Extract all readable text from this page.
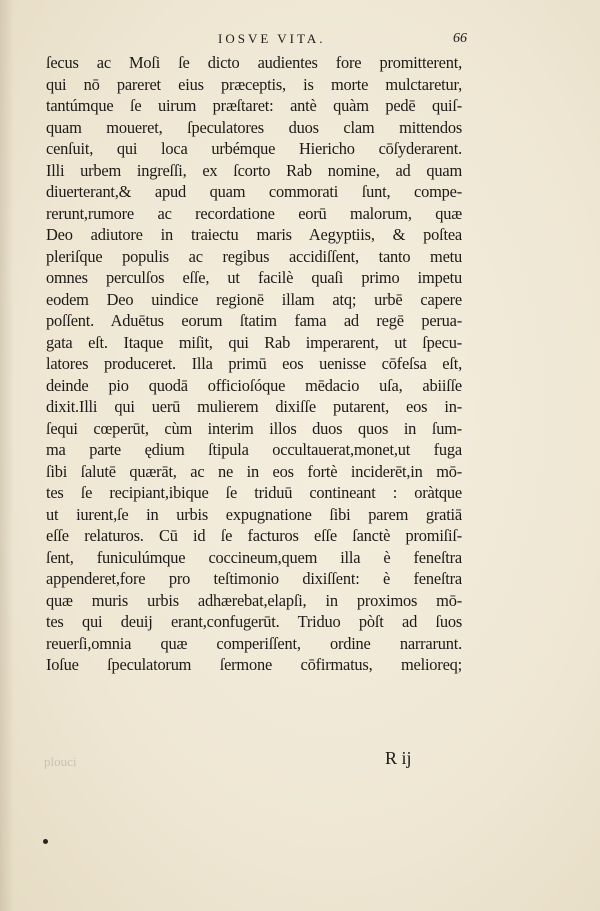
IOSVE VITA.	66
ſecus ac Moſi ſe dicto audientes fore promitterent,
qui nō pareret eius præceptis, is morte mulctaretur,
tantúmque ſe uirum præſtaret: antè quàm pedē quiſ-
quam moueret, ſpeculatores duos clam mittendos
cenſuit, qui loca urbémque Hiericho cōſyderarent.
Illi urbem ingreſſi, ex ſcorto Rab nomine, ad quam
diuerterant,& apud quam commorati ſunt, compe-
rerunt,rumore ac recordatione eorū malorum, quæ
Deo adiutore in traiectu maris Aegyptiis, & poſtea
pleriſque populis ac regibus accidiſſent, tanto metu
omnes perculſos eſſe, ut facilè quaſi primo impetu
eodem Deo uindice regionē illam atq; urbē capere
poſſent. Aduētus eorum ſtatim fama ad regē perua-
gata eſt. Itaque miſit, qui Rab imperarent, ut ſpecu-
latores produceret. Illa primū eos uenisse cōfeſsa eſt,
deinde pio quodā officioſóque mēdacio uſa, abiiſſe
dixit.Illi qui uerū mulierem dixiſſe putarent, eos in-
ſequi cœperūt, cùm interim illos duos quos in ſum-
ma parte ędium ſtipula occultauerat,monet,ut fuga
ſibi ſalutē quærāt, ac ne in eos fortè inciderēt,in mō-
tes ſe recipiant,ibique ſe triduū contineant : oràtque
ut iurent,ſe in urbis expugnatione ſibi parem gratiā
eſſe relaturos. Cū id ſe facturos eſſe ſanctè promiſiſ-
ſent, funiculúmque coccineum,quem illa è feneſtra
appenderet,fore pro teſtimonio dixiſſent: è feneſtra
quæ muris urbis adhærebat,elapſi, in proximos mō-
tes qui deuij erant,confugerūt. Triduo pòſt ad ſuos
reuerſi,omnia quæ comperiſſent, ordine narrarunt.
Ioſue ſpeculatorum ſermone cōfirmatus, melioreq;
plouci	R ij
